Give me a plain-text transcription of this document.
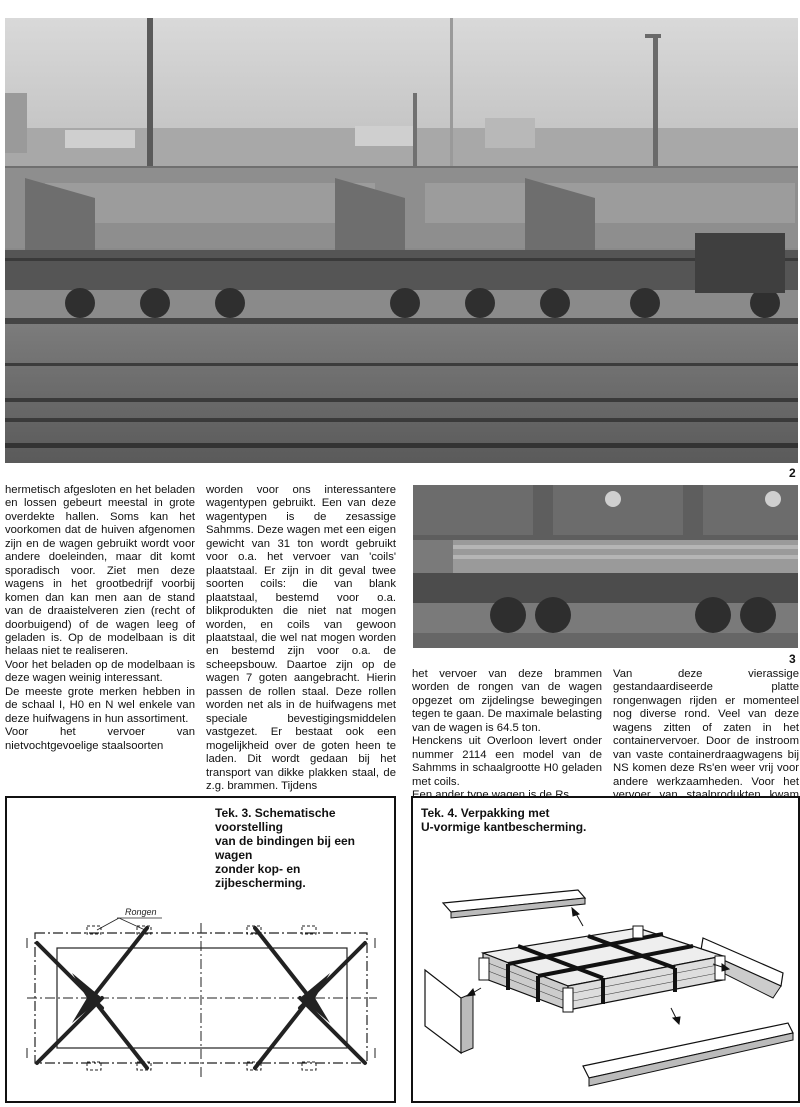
2
3

hermetisch afgesloten en het beladen en lossen gebeurt meestal in grote overdekte hallen. Soms kan het voorkomen dat de huiven afgenomen zijn en de wagen gebruikt wordt voor andere doeleinden, maar dit komt sporadisch voor. Ziet men deze wagens in het grootbedrijf voorbij komen dan kan men aan de stand van de draaistelveren zien (recht of doorbuigend) of de wagen leeg of geladen is. Op de modelbaan is dit helaas niet te realiseren.

Voor het beladen op de modelbaan is deze wagen weinig interessant.

De meeste grote merken hebben in de schaal I, H0 en N wel enkele van deze huifwagens in hun assortiment.

Voor het vervoer van nietvochtgevoelige staalsoorten

worden voor ons interessantere wagentypen gebruikt. Een van deze wagentypen is de zesassige Sahmms. Deze wagen met een eigen gewicht van 31 ton wordt gebruikt voor o.a. het vervoer van 'coils' plaatstaal. Er zijn in dit geval twee soorten coils: die van blank plaatstaal, bestemd voor o.a. blikprodukten die niet nat mogen worden, en coils van gewoon plaatstaal, die wel nat mogen worden en bestemd zijn voor o.a. de scheepsbouw. Daartoe zijn op de wagen 7 goten aangebracht. Hierin passen de rollen staal. Deze rollen worden net als in de huifwagens met speciale bevestigingsmiddelen vastgezet. Er bestaat ook een mogelijkheid over de goten heen te laden. Dit wordt gedaan bij het transport van dikke plakken staal, de z.g. brammen. Tijdens

het vervoer van deze brammen worden de rongen van de wagen opgezet om zijdelingse bewegingen tegen te gaan. De maximale belasting van de wagen is 64.5 ton.

Henckens uit Overloon levert onder nummer 2114 een model van de Sahmms in schaalgrootte H0 geladen met coils.

Van deze vierassige gestandaardiseerde platte rongenwagen rijden er momenteel nog diverse rond. Veel van deze wagens zitten of zaten in het containervervoer. Door de instroom van vaste containerdraagwagens bij NS komen deze Rs'en weer vrij voor andere werkzaamheden. Voor het

Tek. 3. Schematische voorstelling
van de bindingen bij een wagen
zonder kop- en zijbescherming.
Rongen
Tek. 4. Verpakking met
U-vormige kantbescherming.
